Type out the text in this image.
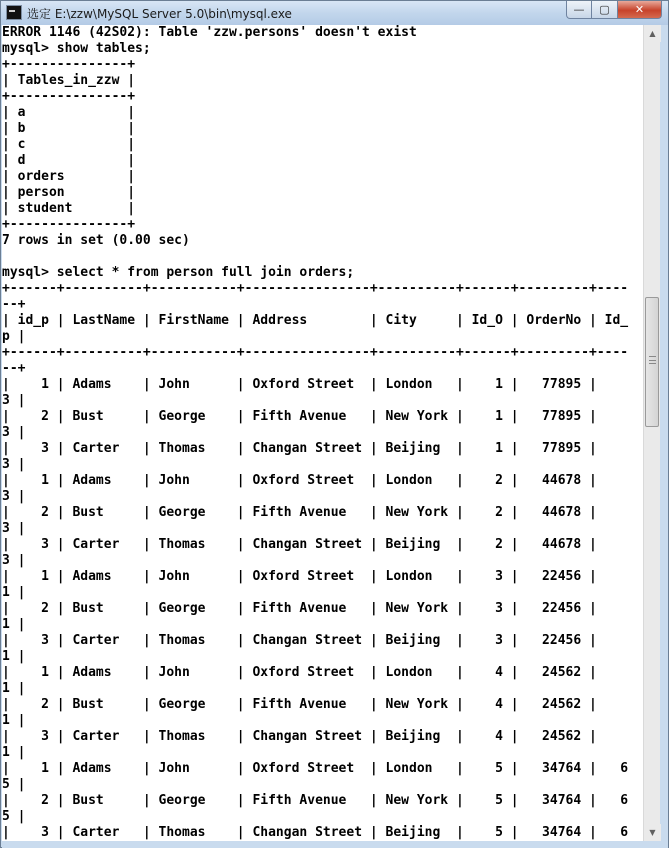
选定 E:\zzw\MySQL Server 5.0\bin\mysql.exe	— ▢ ✕
ERROR 1146 (42S02): Table 'zzw.persons' doesn't exist
mysql> show tables;
+---------------+
| Tables_in_zzw |
+---------------+
| a             |
| b             |
| c             |
| d             |
| orders        |
| person        |
| student       |
+---------------+
7 rows in set (0.00 sec)

mysql> select * from person full join orders;
+------+----------+-----------+----------------+----------+------+---------+----
--+
| id_p | LastName | FirstName | Address        | City     | Id_O | OrderNo | Id_
p |
+------+----------+-----------+----------------+----------+------+---------+----
--+
|    1 | Adams    | John      | Oxford Street  | London   |    1 |   77895 |
3 |
|    2 | Bust     | George    | Fifth Avenue   | New York |    1 |   77895 |
3 |
|    3 | Carter   | Thomas    | Changan Street | Beijing  |    1 |   77895 |
3 |
|    1 | Adams    | John      | Oxford Street  | London   |    2 |   44678 |
3 |
|    2 | Bust     | George    | Fifth Avenue   | New York |    2 |   44678 |
3 |
|    3 | Carter   | Thomas    | Changan Street | Beijing  |    2 |   44678 |
3 |
|    1 | Adams    | John      | Oxford Street  | London   |    3 |   22456 |
1 |
|    2 | Bust     | George    | Fifth Avenue   | New York |    3 |   22456 |
1 |
|    3 | Carter   | Thomas    | Changan Street | Beijing  |    3 |   22456 |
1 |
|    1 | Adams    | John      | Oxford Street  | London   |    4 |   24562 |
1 |
|    2 | Bust     | George    | Fifth Avenue   | New York |    4 |   24562 |
1 |
|    3 | Carter   | Thomas    | Changan Street | Beijing  |    4 |   24562 |
1 |
|    1 | Adams    | John      | Oxford Street  | London   |    5 |   34764 |   6
5 |
|    2 | Bust     | George    | Fifth Avenue   | New York |    5 |   34764 |   6
5 |
|    3 | Carter   | Thomas    | Changan Street | Beijing  |    5 |   34764 |   6

▲
▼
